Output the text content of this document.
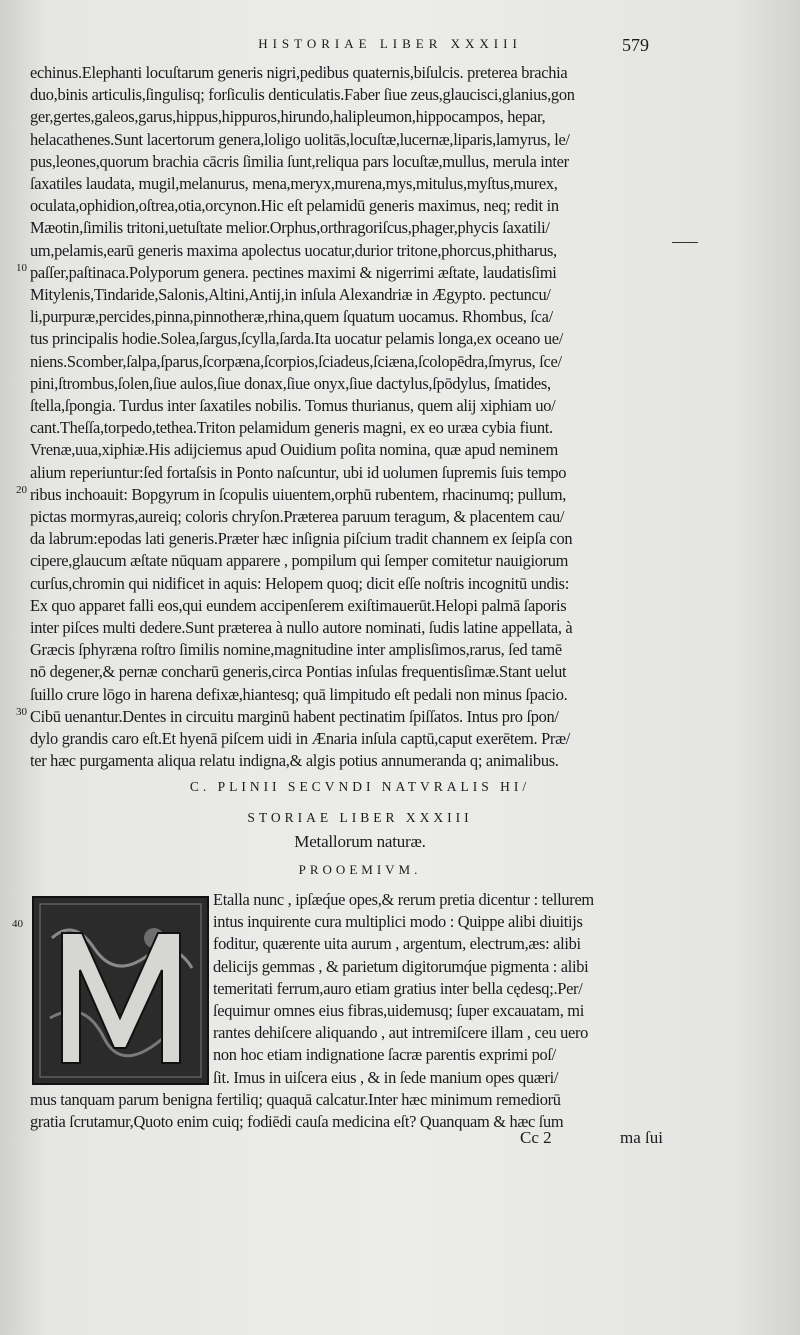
HISTORIAE LIBER XXXIII	579
10
20
30
40
echinus.Elephanti locuſtarum generis nigri,pedibus quaternis,biſulcis. preterea brachia
duo,binis articulis,ſingulisq; forſiculis denticulatis.Faber ſiue zeus,glaucisci,glanius,gon
ger,gertes,galeos,garus,hippus,hippuros,hirundo,halipleumon,hippocampos, hepar,
helacathenes.Sunt lacertorum genera,loligo uolitās,locuſtæ,lucernæ,liparis,lamyrus, le/
pus,leones,quorum brachia cācris ſimilia ſunt,reliqua pars locuſtæ,mullus, merula inter
ſaxatiles laudata, mugil,melanurus, mena,meryx,murena,mys,mitulus,myſtus,murex,
oculata,ophidion,oſtrea,otia,orcynon.Hic eſt pelamidū generis maximus, neq; redit in
Mæotin,ſimilis tritoni,uetuſtate melior.Orphus,orthragoriſcus,phager,phycis ſaxatili/
um,pelamis,earū generis maxima apolectus uocatur,durior tritone,phorcus,phitharus,
paſſer,paſtinaca.Polyporum genera. pectines maximi & nigerrimi æſtate, laudatisſimi
Mitylenis,Tindaride,Salonis,Altini,Antij,in inſula Alexandriæ in Ægypto. pectuncu/
li,purpuræ,percides,pinna,pinnotheræ,rhina,quem ſquatum uocamus. Rhombus, ſca/
tus principalis hodie.Solea,ſargus,ſcylla,ſarda.Ita uocatur pelamis longa,ex oceano ue/
niens.Scomber,ſalpa,ſparus,ſcorpæna,ſcorpios,ſciadeus,ſciæna,ſcolopēdra,ſmyrus, ſce/
pini,ſtrombus,ſolen,ſiue aulos,ſiue donax,ſiue onyx,ſiue dactylus,ſpōdylus, ſmatides,
ſtella,ſpongia. Turdus inter ſaxatiles nobilis. Tomus thurianus, quem alij xiphiam uo/
cant.Theſſa,torpedo,tethea.Triton pelamidum generis magni, ex eo uræa cybia fiunt.
Vrenæ,uua,xiphiæ.His adijciemus apud Ouidium poſita nomina, quæ apud neminem
alium reperiuntur:ſed fortaſsis in Ponto naſcuntur, ubi id uolumen ſupremis ſuis tempo
ribus inchoauit: Bopgyrum in ſcopulis uiuentem,orphū rubentem, rhacinumq; pullum,
pictas mormyras,aureiq; coloris chryſon.Præterea paruum teragum, & placentem cau/
da labrum:epodas lati generis.Præter hæc inſignia piſcium tradit channem ex ſeipſa con
cipere,glaucum æſtate nūquam apparere , pompilum qui ſemper comitetur nauigiorum
curſus,chromin qui nidificet in aquis: Helopem quoq; dicit eſſe noſtris incognitū undis:
Ex quo apparet falli eos,qui eundem accipenſerem exiſtimauerūt.Helopi palmā ſaporis
inter piſces multi dedere.Sunt præterea à nullo autore nominati, ſudis latine appellata, à
Græcis ſphyræna roſtro ſimilis nomine,magnitudine inter amplisſimos,rarus, ſed tamē
nō degener,& pernæ concharū generis,circa Pontias inſulas frequentisſimæ.Stant uelut
ſuillo crure lōgo in harena defixæ,hiantesq; quā limpitudo eſt pedali non minus ſpacio.
Cibū uenantur.Dentes in circuitu marginū habent pectinatim ſpiſſatos. Intus pro ſpon/
dylo grandis caro eſt.Et hyenā piſcem uidi in Ænaria inſula captū,caput exerētem. Præ/
ter hæc purgamenta aliqua relatu indigna,& algis potius annumeranda q; animalibus.
C. PLINII SECVNDI NATVRALIS HI/
STORIAE LIBER XXXIII
Metallorum naturæ.
PROOEMIVM.
Etalla nunc , ipſæq́ue opes,& rerum pretia dicentur : tellurem
intus inquirente cura multiplici modo : Quippe alibi diuitijs
foditur, quærente uita aurum , argentum, electrum,æs: alibi
delicijs gemmas , & parietum digitorumq́ue pigmenta : alibi
temeritati ferrum,auro etiam gratius inter bella cędesq;.Per/
ſequimur omnes eius fibras,uidemusq; ſuper excauatam, mi
rantes dehiſcere aliquando , aut intremiſcere illam , ceu uero
non hoc etiam indignatione ſacræ parentis exprimi poſ/
ſit. Imus in uiſcera eius , & in ſede manium opes quæri/
mus tanquam parum benigna fertiliq; quaquā calcatur.Inter hæc minimum remediorū
gratia ſcrutamur,Quoto enim cuiq; fodiēdi cauſa medicina eſt? Quanquam & hæc ſum
Cc 2	ma ſui
